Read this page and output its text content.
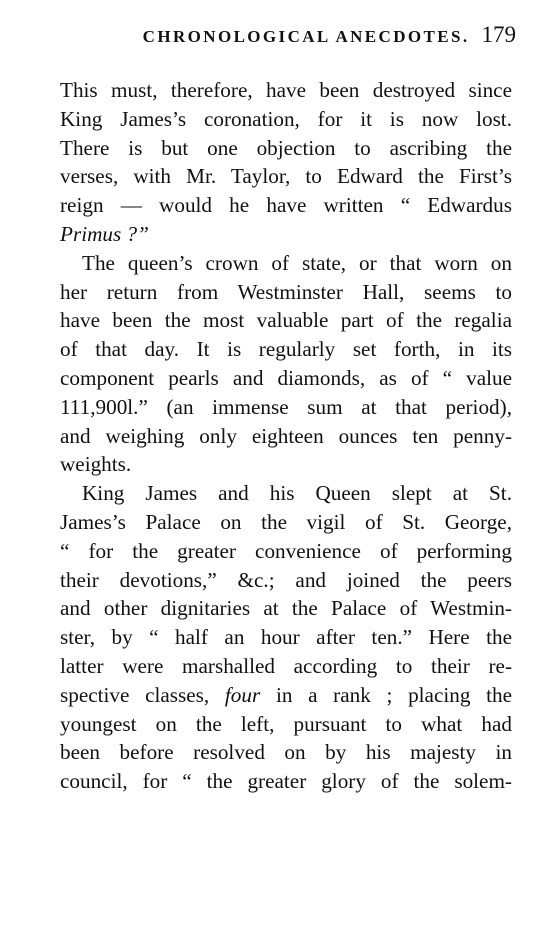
CHRONOLOGICAL ANECDOTES. 179
This must, therefore, have been destroyed since
King James’s coronation, for it is now lost.
There is but one objection to ascribing the
verses, with Mr. Taylor, to Edward the First’s
reign — would he have written “ Edwardus
Primus ?”
The queen’s crown of state, or that worn on
her return from Westminster Hall, seems to
have been the most valuable part of the regalia
of that day. It is regularly set forth, in its
component pearls and diamonds, as of “ value
111,900l.” (an immense sum at that period),
and weighing only eighteen ounces ten penny-
weights.
King James and his Queen slept at St.
James’s Palace on the vigil of St. George,
“ for the greater convenience of performing
their devotions,” &c.; and joined the peers
and other dignitaries at the Palace of Westmin-
ster, by “ half an hour after ten.” Here the
latter were marshalled according to their re-
spective classes, four in a rank ; placing the
youngest on the left, pursuant to what had
been before resolved on by his majesty in
council, for “ the greater glory of the solem-
